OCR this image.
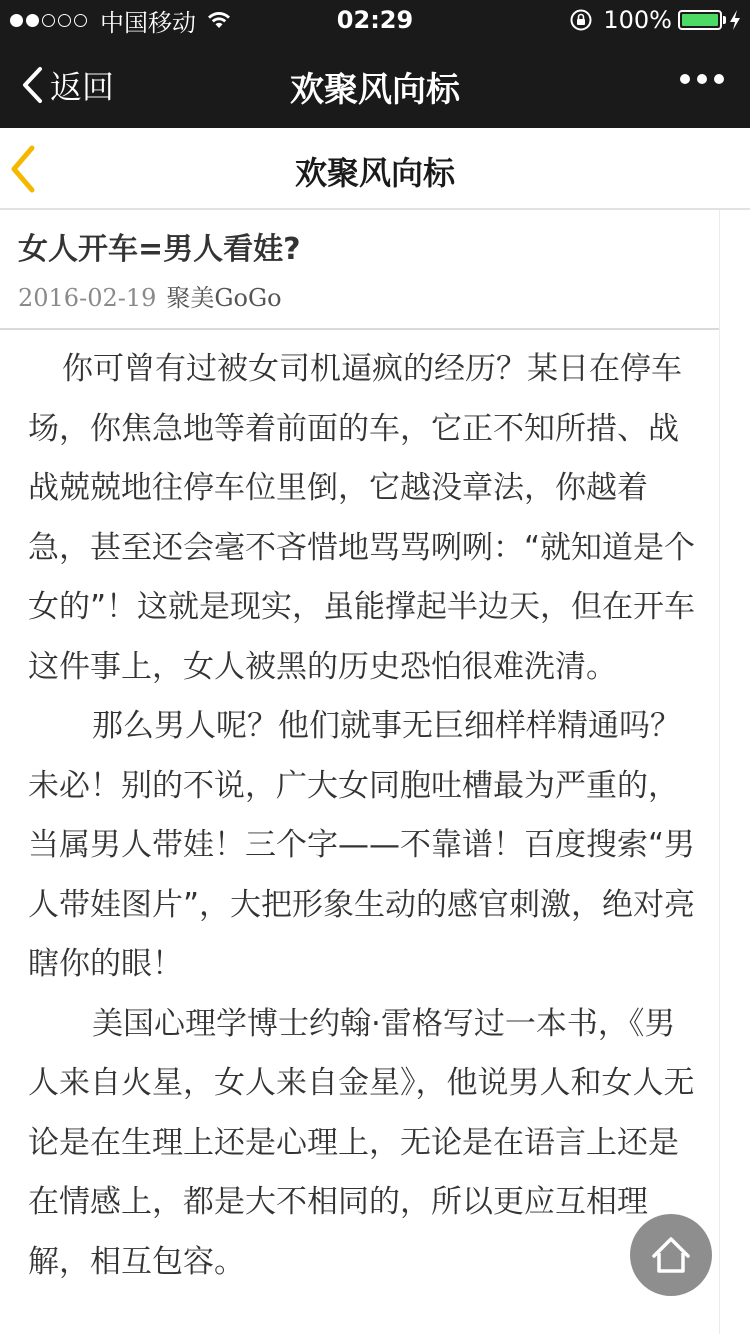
中国移动	02:29	100%
返回	欢聚风向标
欢聚风向标
女人开车=男人看娃?
2016-02-19 聚美GoGo

你可曾有过被女司机逼疯的经历？某日在停车场，你焦急地等着前面的车，它正不知所措、战战兢兢地往停车位里倒，它越没章法，你越着急，甚至还会毫不吝惜地骂骂咧咧：“就知道是个女的”！这就是现实，虽能撑起半边天，但在开车这件事上，女人被黑的历史恐怕很难洗清。

那么男人呢？他们就事无巨细样样精通吗？未必！别的不说，广大女同胞吐槽最为严重的，当属男人带娃！三个字——不靠谱！百度搜索“男人带娃图片”，大把形象生动的感官刺激，绝对亮瞎你的眼！

美国心理学博士约翰·雷格写过一本书，《男人来自火星，女人来自金星》，他说男人和女人无论是在生理上还是心理上，无论是在语言上还是在情感上，都是大不相同的，所以更应互相理解，相互包容。
